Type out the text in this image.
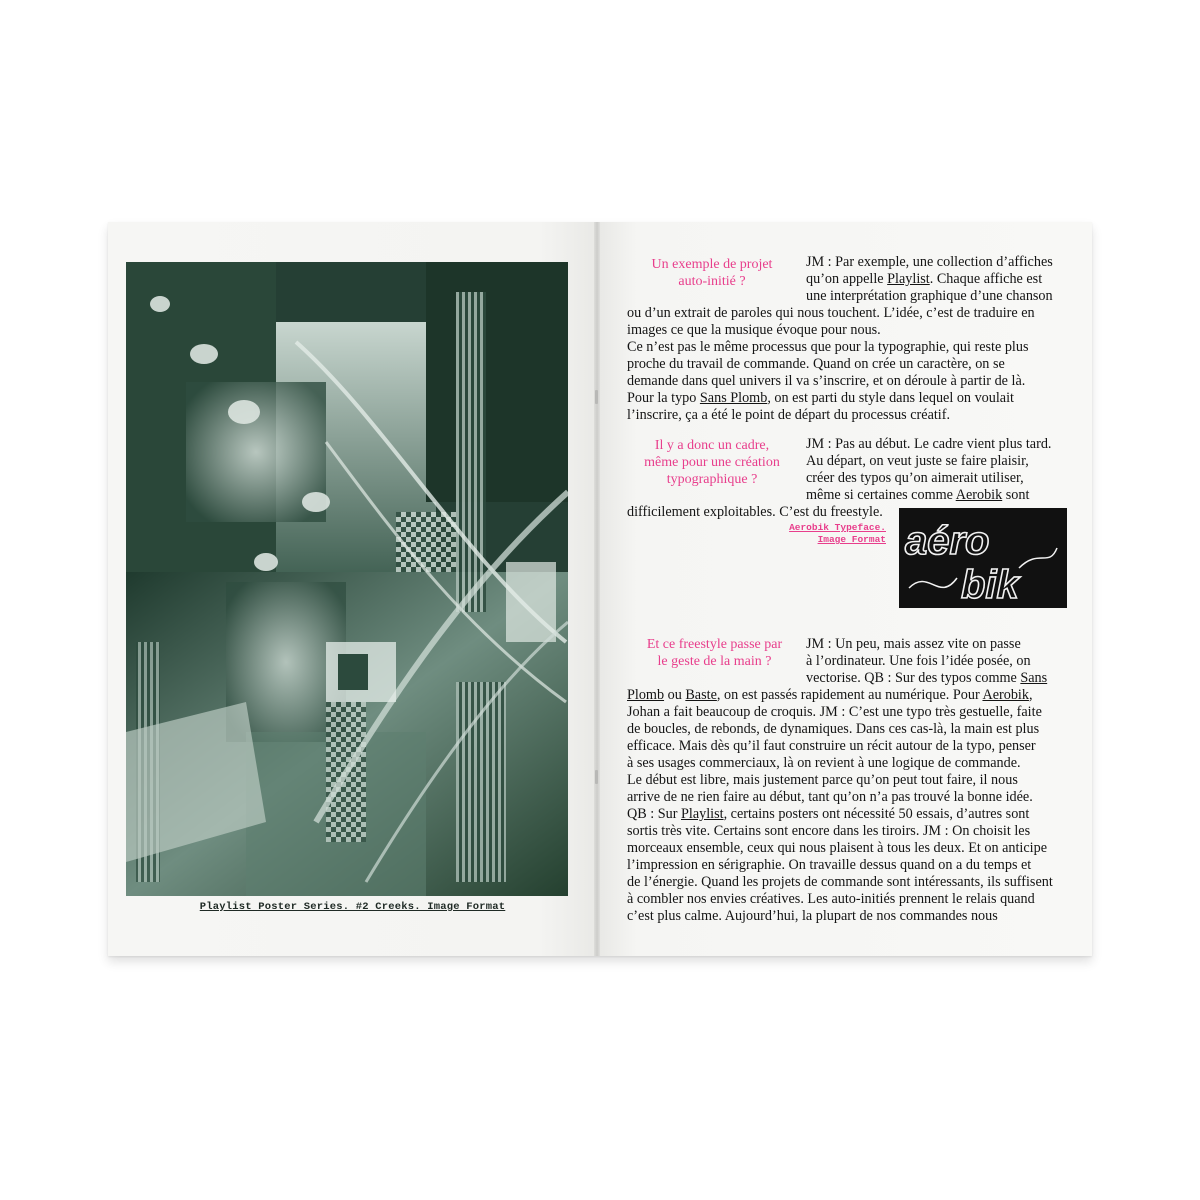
Playlist Poster Series. #2 Creeks. Image Format
Un exemple de projet
auto-initié ?
JM : Par exemple, une collection d’affiches
qu’on appelle Playlist. Chaque affiche est
une interprétation graphique d’une chanson
ou d’un extrait de paroles qui nous touchent. L’idée, c’est de traduire en
images ce que la musique évoque pour nous.
Ce n’est pas le même processus que pour la typographie, qui reste plus
proche du travail de commande. Quand on crée un caractère, on se
demande dans quel univers il va s’inscrire, et on déroule à partir de là.
Pour la typo Sans Plomb, on est parti du style dans lequel on voulait
l’inscrire, ça a été le point de départ du processus créatif.
Il y a donc un cadre,
même pour une création
typographique ?
JM : Pas au début. Le cadre vient plus tard.
Au départ, on veut juste se faire plaisir,
créer des typos qu’on aimerait utiliser,
même si certaines comme Aerobik sont
difficilement exploitables. C’est du freestyle.
Aerobik Typeface.
Image Format aéro
bik
Et ce freestyle passe par
le geste de la main ?
JM : Un peu, mais assez vite on passe
à l’ordinateur. Une fois l’idée posée, on
vectorise. QB : Sur des typos comme Sans
Plomb ou Baste, on est passés rapidement au numérique. Pour Aerobik,
Johan a fait beaucoup de croquis. JM : C’est une typo très gestuelle, faite
de boucles, de rebonds, de dynamiques. Dans ces cas-là, la main est plus
efficace. Mais dès qu’il faut construire un récit autour de la typo, penser
à ses usages commerciaux, là on revient à une logique de commande.
Le début est libre, mais justement parce qu’on peut tout faire, il nous
arrive de ne rien faire au début, tant qu’on n’a pas trouvé la bonne idée.
QB : Sur Playlist, certains posters ont nécessité 50 essais, d’autres sont
sortis très vite. Certains sont encore dans les tiroirs. JM : On choisit les
morceaux ensemble, ceux qui nous plaisent à tous les deux. Et on anticipe
l’impression en sérigraphie. On travaille dessus quand on a du temps et
de l’énergie. Quand les projets de commande sont intéressants, ils suffisent
à combler nos envies créatives. Les auto-initiés prennent le relais quand
c’est plus calme. Aujourd’hui, la plupart de nos commandes nous
